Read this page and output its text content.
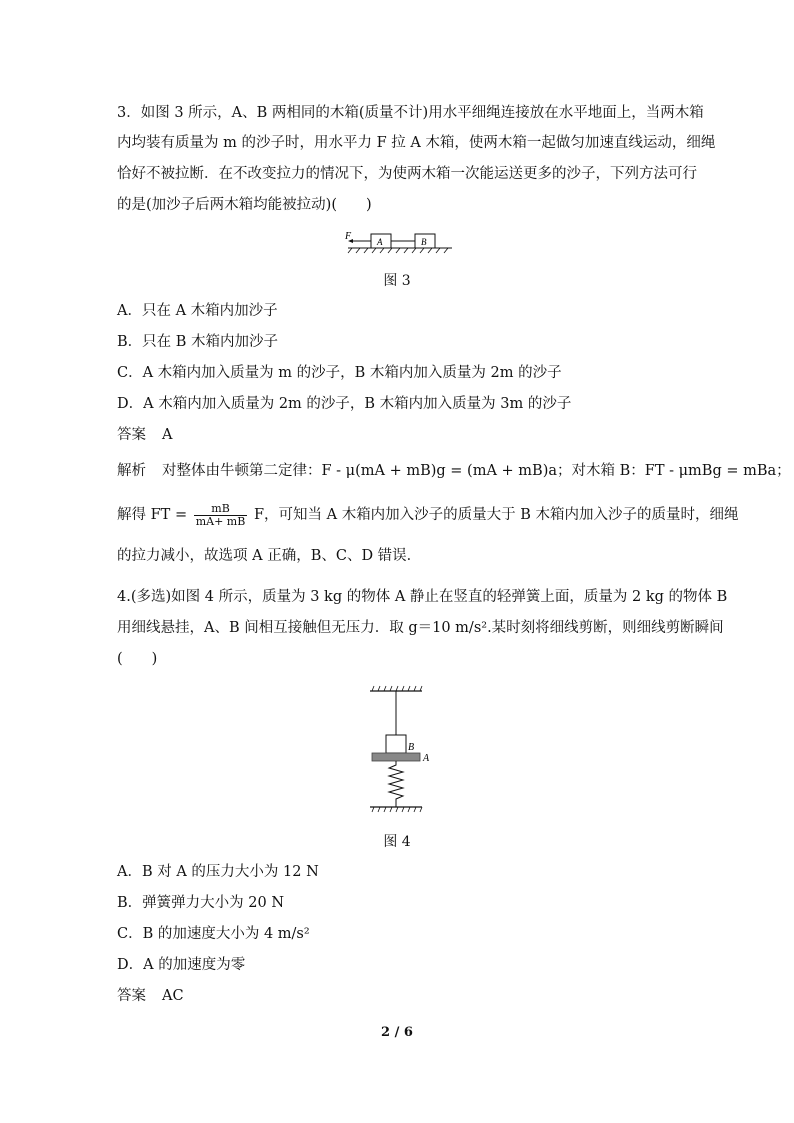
3．如图 3 所示，A、B 两相同的木箱(质量不计)用水平细绳连接放在水平地面上，当两木箱
内均装有质量为 m 的沙子时，用水平力 F 拉 A 木箱，使两木箱一起做匀加速直线运动，细绳
恰好不被拉断．在不改变拉力的情况下，为使两木箱一次能运送更多的沙子，下列方法可行
的是(加沙子后两木箱均能被拉动)(　　)
F	A	B
图 3
A．只在 A 木箱内加沙子
B．只在 B 木箱内加沙子
C．A 木箱内加入质量为 m 的沙子，B 木箱内加入质量为 2m 的沙子
D．A 木箱内加入质量为 2m 的沙子，B 木箱内加入质量为 3m 的沙子
答案 A
解析 对整体由牛顿第二定律：F - μ(mA + mB)g = (mA + mB)a；对木箱 B：FT - μmBg = mBa；
解得 FT = $\frac{mB}{mA+ mB}$ F，可知当 A 木箱内加入沙子的质量大于 B 木箱内加入沙子的质量时，细绳
的拉力减小，故选项 A 正确，B、C、D 错误．
4.(多选)如图 4 所示，质量为 3 kg 的物体 A 静止在竖直的轻弹簧上面，质量为 2 kg 的物体 B
用细线悬挂，A、B 间相互接触但无压力．取 g＝10 m/s².某时刻将细线剪断，则细线剪断瞬间
(　　)
B
A
图 4
A．B 对 A 的压力大小为 12 N
B．弹簧弹力大小为 20 N
C．B 的加速度大小为 4 m/s²
D．A 的加速度为零
答案 AC
2 / 6
